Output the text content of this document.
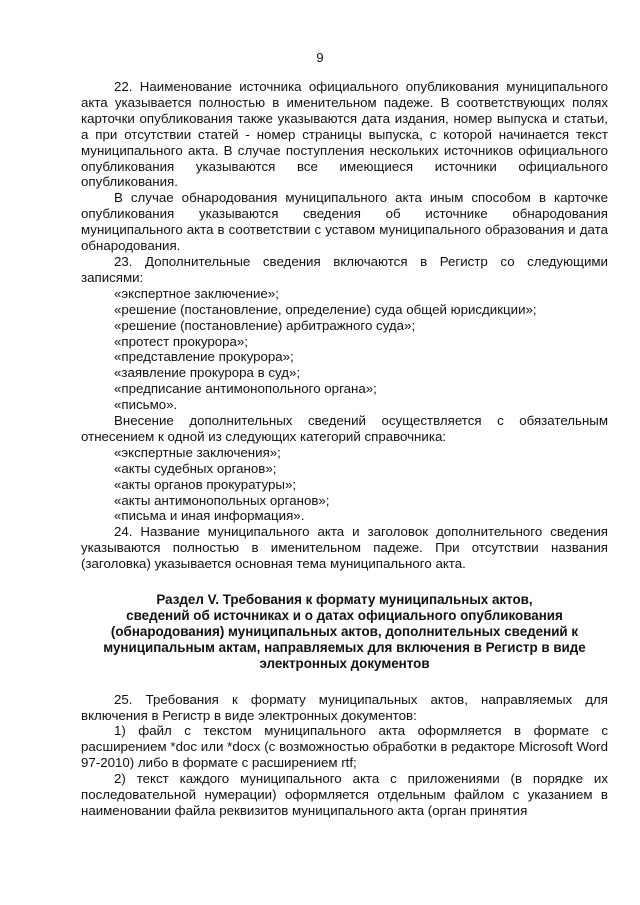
9

22. Наименование источника официального опубликования муниципального акта указывается полностью в именительном падеже. В соответствующих полях карточки опубликования также указываются дата издания, номер выпуска и статьи, а при отсутствии статей - номер страницы выпуска, с которой начинается текст муниципального акта. В случае поступления нескольких источников официального опубликования указываются все имеющиеся источники официального опубликования.

В случае обнародования муниципального акта иным способом в карточке опубликования указываются сведения об источнике обнародования муниципального акта в соответствии с уставом муниципального образования и дата обнародования.

23. Дополнительные сведения включаются в Регистр со следующими записями:

«экспертное заключение»;

«решение (постановление, определение) суда общей юрисдикции»;

«решение (постановление) арбитражного суда»;

«протест прокурора»;

«представление прокурора»;

«заявление прокурора в суд»;

«предписание антимонопольного органа»;

«письмо».

Внесение дополнительных сведений осуществляется с обязательным отнесением к одной из следующих категорий справочника:

«экспертные заключения»;

«акты судебных органов»;

«акты органов прокуратуры»;

«акты антимонопольных органов»;

«письма и иная информация».

24. Название муниципального акта и заголовок дополнительного сведения указываются полностью в именительном падеже. При отсутствии названия (заголовка) указывается основная тема муниципального акта.

Раздел V. Требования к формату муниципальных актов,
сведений об источниках и о датах официального опубликования
(обнародования) муниципальных актов, дополнительных сведений к
муниципальным актам, направляемых для включения в Регистр в виде
электронных документов

25. Требования к формату муниципальных актов, направляемых для включения в Регистр в виде электронных документов:

1) файл с текстом муниципального акта оформляется в формате с расширением *doc или *docx (с возможностью обработки в редакторе Microsoft Word 97-2010) либо в формате с расширением rtf;

2) текст каждого муниципального акта с приложениями (в порядке их последовательной нумерации) оформляется отдельным файлом с указанием в наименовании файла реквизитов муниципального акта (орган принятия
